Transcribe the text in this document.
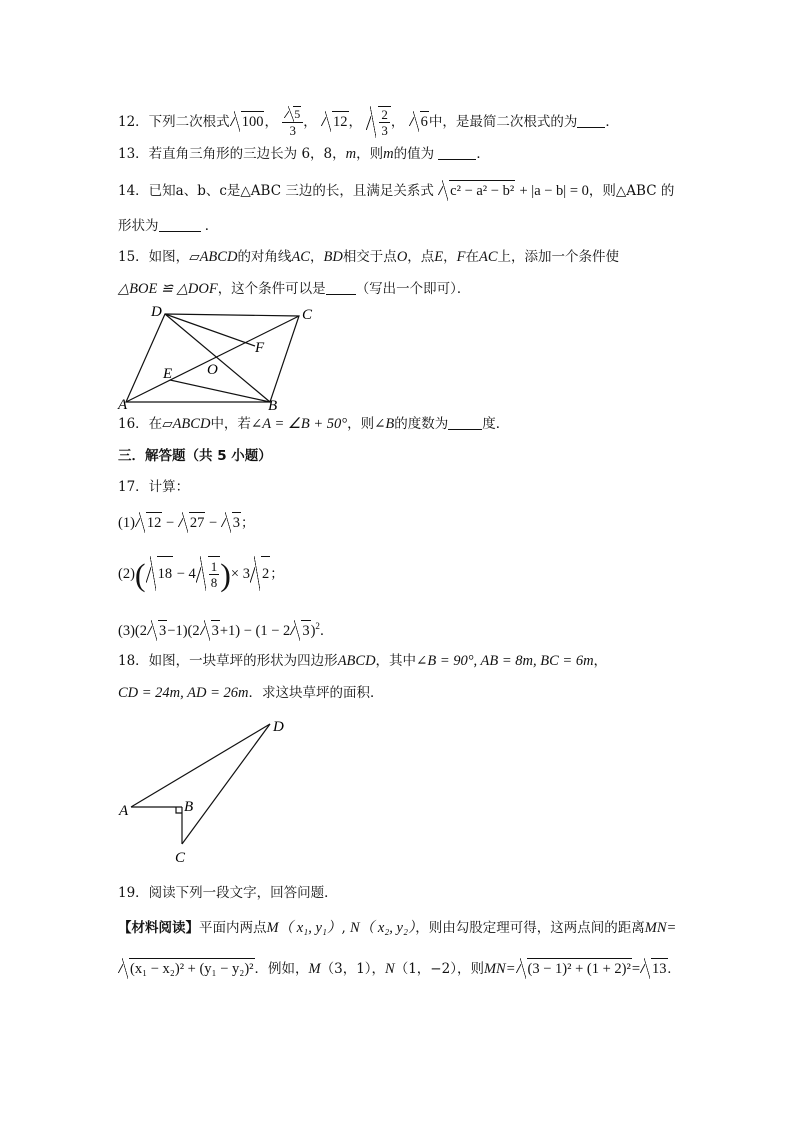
12．下列二次根式 100， $\frac{5}{3}$ ， 12， $\frac{2}{3}$ ， 6中，是最简二次根式的为 ．
13．若直角三角形的三边长为 6，8，m，则m的值为	．
14．已知a、b、c是△ABC 三边的长，且满足关系式 c² − a² − b² + |a − b| = 0，则△ABC 的
形状为	．
15．如图，▱ABCD的对角线AC，BD相交于点O，点E，F在AC上，添加一个条件使
△BOE ≌ △DOF，这个条件可以是 （写出一个即可）．
D	C
F
O
E
A	B
16．在▱ABCD中，若∠A = ∠B + 50°，则∠B的度数为	度．
三．解答题（共 5 小题）
17．计算：
(1) 12 − 27 − 3；
(2)( $18 - 4 \frac{1}{8}$ )× 3 2；
(3)(2 3−1)(2 3+1) − (1 − 2 3)$^2$．
18．如图，一块草坪的形状为四边形ABCD，其中∠B = 90°, AB = 8m, BC = 6m，
CD = 24m, AD = 26m．求这块草坪的面积．
D
A	B
C
19．阅读下列一段文字，回答问题．
【材料阅读】平面内两点M（ x₁, y₁）, N（ x₂, y₂），则由勾股定理可得，这两点间的距离MN=
(x₁ − x₂)² + (y₁ − y₂)²．例如，M（3，1），N（1，−2），则MN= (3 − 1)² + (1 + 2)²= 13.
